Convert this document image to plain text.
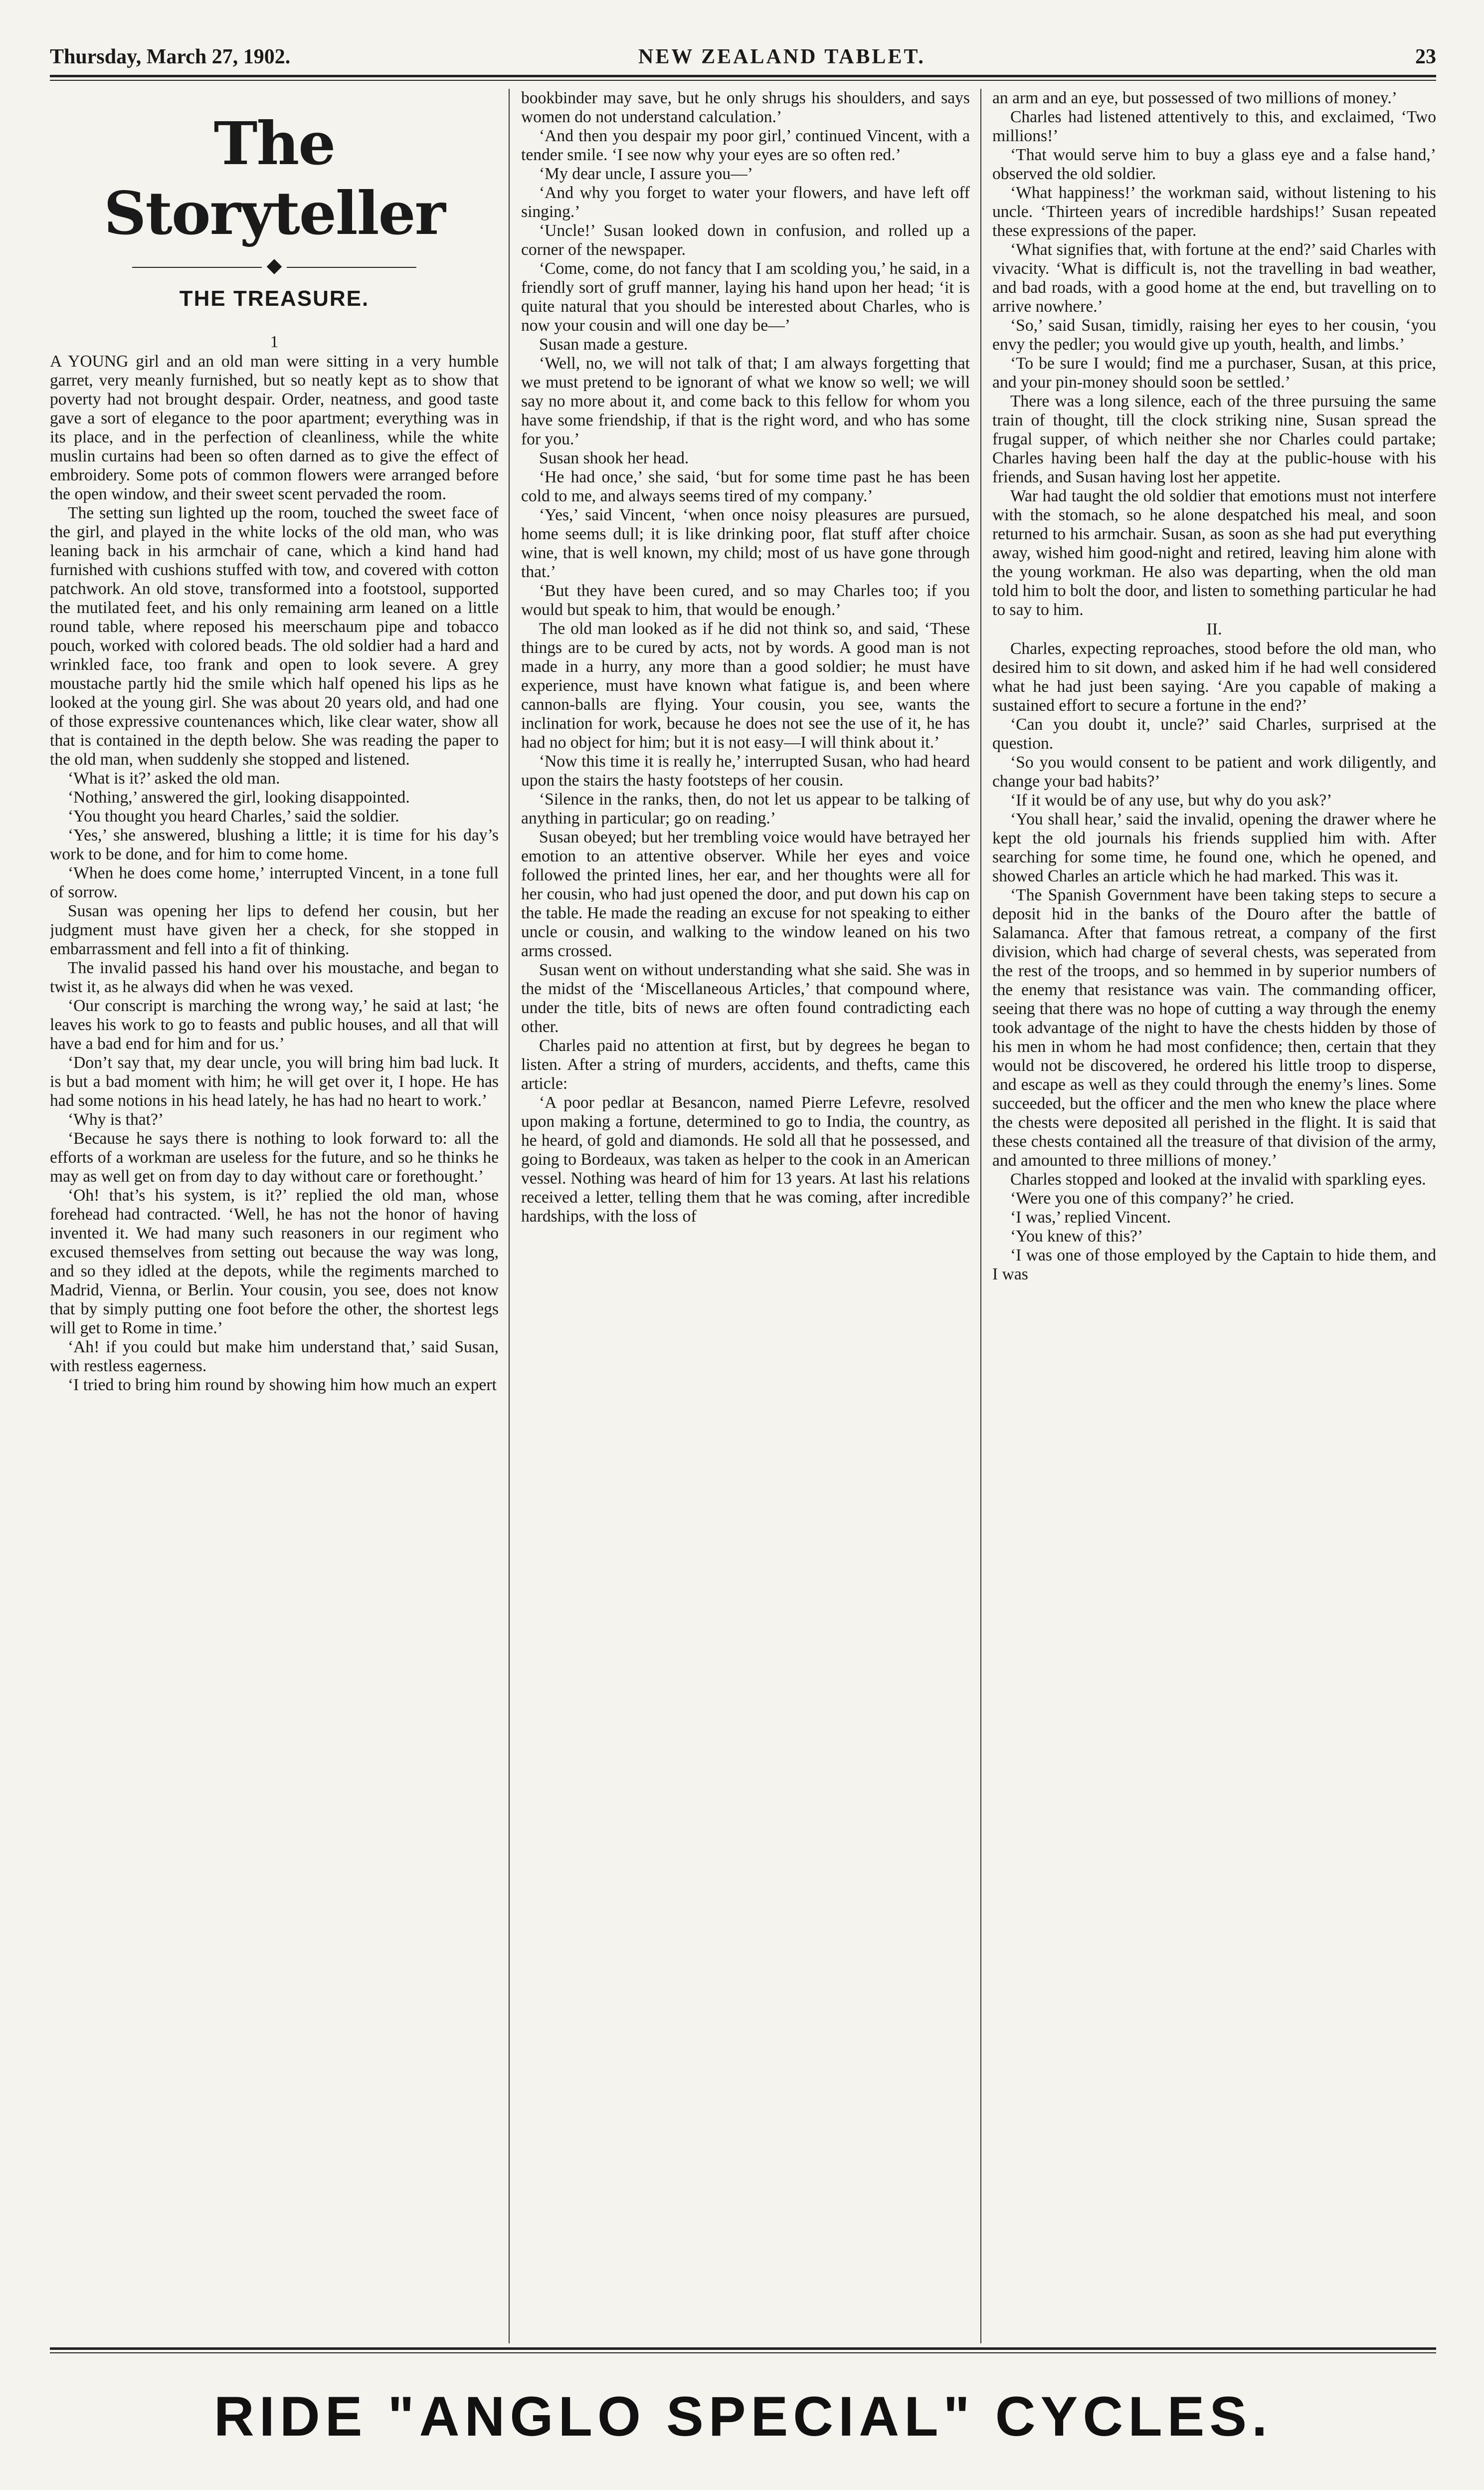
Thursday, March 27, 1902.	NEW ZEALAND TABLET.	23
The Storyteller
◆
THE TREASURE.

1

A YOUNG girl and an old man were sitting in a very humble garret, very meanly furnished, but so neatly kept as to show that poverty had not brought despair. Order, neatness, and good taste gave a sort of elegance to the poor apartment; everything was in its place, and in the perfection of cleanliness, while the white muslin curtains had been so often darned as to give the effect of embroidery. Some pots of common flowers were arranged before the open window, and their sweet scent pervaded the room.

The setting sun lighted up the room, touched the sweet face of the girl, and played in the white locks of the old man, who was leaning back in his armchair of cane, which a kind hand had furnished with cushions stuffed with tow, and covered with cotton patchwork. An old stove, transformed into a footstool, supported the mutilated feet, and his only remaining arm leaned on a little round table, where reposed his meerschaum pipe and tobacco pouch, worked with colored beads. The old soldier had a hard and wrinkled face, too frank and open to look severe. A grey moustache partly hid the smile which half opened his lips as he looked at the young girl. She was about 20 years old, and had one of those expressive countenances which, like clear water, show all that is contained in the depth below. She was reading the paper to the old man, when suddenly she stopped and listened.

‘What is it?’ asked the old man.

‘Nothing,’ answered the girl, looking disappointed.

‘You thought you heard Charles,’ said the soldier.

‘Yes,’ she answered, blushing a little; it is time for his day’s work to be done, and for him to come home.

‘When he does come home,’ interrupted Vincent, in a tone full of sorrow.

Susan was opening her lips to defend her cousin, but her judgment must have given her a check, for she stopped in embarrassment and fell into a fit of thinking.

The invalid passed his hand over his moustache, and began to twist it, as he always did when he was vexed.

‘Our conscript is marching the wrong way,’ he said at last; ‘he leaves his work to go to feasts and public houses, and all that will have a bad end for him and for us.’

‘Don’t say that, my dear uncle, you will bring him bad luck. It is but a bad moment with him; he will get over it, I hope. He has had some notions in his head lately, he has had no heart to work.’

‘Why is that?’

‘Because he says there is nothing to look forward to: all the efforts of a workman are useless for the future, and so he thinks he may as well get on from day to day without care or forethought.’

‘Oh! that’s his system, is it?’ replied the old man, whose forehead had contracted. ‘Well, he has not the honor of having invented it. We had many such reasoners in our regiment who excused themselves from setting out because the way was long, and so they idled at the depots, while the regiments marched to Madrid, Vienna, or Berlin. Your cousin, you see, does not know that by simply putting one foot before the other, the shortest legs will get to Rome in time.’

‘Ah! if you could but make him understand that,’ said Susan, with restless eagerness.

‘I tried to bring him round by showing him how much an expert

bookbinder may save, but he only shrugs his shoulders, and says women do not understand calculation.’

‘And then you despair my poor girl,’ continued Vincent, with a tender smile. ‘I see now why your eyes are so often red.’

‘My dear uncle, I assure you—’

‘And why you forget to water your flowers, and have left off singing.’

‘Uncle!’ Susan looked down in confusion, and rolled up a corner of the newspaper.

‘Come, come, do not fancy that I am scolding you,’ he said, in a friendly sort of gruff manner, laying his hand upon her head; ‘it is quite natural that you should be interested about Charles, who is now your cousin and will one day be—’

Susan made a gesture.

‘Well, no, we will not talk of that; I am always forgetting that we must pretend to be ignorant of what we know so well; we will say no more about it, and come back to this fellow for whom you have some friendship, if that is the right word, and who has some for you.’

Susan shook her head.

‘He had once,’ she said, ‘but for some time past he has been cold to me, and always seems tired of my company.’

‘Yes,’ said Vincent, ‘when once noisy pleasures are pursued, home seems dull; it is like drinking poor, flat stuff after choice wine, that is well known, my child; most of us have gone through that.’

‘But they have been cured, and so may Charles too; if you would but speak to him, that would be enough.’

The old man looked as if he did not think so, and said, ‘These things are to be cured by acts, not by words. A good man is not made in a hurry, any more than a good soldier; he must have experience, must have known what fatigue is, and been where cannon-balls are flying. Your cousin, you see, wants the inclination for work, because he does not see the use of it, he has had no object for him; but it is not easy—I will think about it.’

‘Now this time it is really he,’ interrupted Susan, who had heard upon the stairs the hasty footsteps of her cousin.

‘Silence in the ranks, then, do not let us appear to be talking of anything in particular; go on reading.’

Susan obeyed; but her trembling voice would have betrayed her emotion to an attentive observer. While her eyes and voice followed the printed lines, her ear, and her thoughts were all for her cousin, who had just opened the door, and put down his cap on the table. He made the reading an excuse for not speaking to either uncle or cousin, and walking to the window leaned on his two arms crossed.

Susan went on without understanding what she said. She was in the midst of the ‘Miscellaneous Articles,’ that compound where, under the title, bits of news are often found contradicting each other.

Charles paid no attention at first, but by degrees he began to listen. After a string of murders, accidents, and thefts, came this article:

‘A poor pedlar at Besancon, named Pierre Lefevre, resolved upon making a fortune, determined to go to India, the country, as he heard, of gold and diamonds. He sold all that he possessed, and going to Bordeaux, was taken as helper to the cook in an American vessel. Nothing was heard of him for 13 years. At last his relations received a letter, telling them that he was coming, after incredible hardships, with the loss of

an arm and an eye, but possessed of two millions of money.’

Charles had listened attentively to this, and exclaimed, ‘Two millions!’

‘That would serve him to buy a glass eye and a false hand,’ observed the old soldier.

‘What happiness!’ the workman said, without listening to his uncle. ‘Thirteen years of incredible hardships!’ Susan repeated these expressions of the paper.

‘What signifies that, with fortune at the end?’ said Charles with vivacity. ‘What is difficult is, not the travelling in bad weather, and bad roads, with a good home at the end, but travelling on to arrive nowhere.’

‘So,’ said Susan, timidly, raising her eyes to her cousin, ‘you envy the pedler; you would give up youth, health, and limbs.’

‘To be sure I would; find me a purchaser, Susan, at this price, and your pin-money should soon be settled.’

There was a long silence, each of the three pursuing the same train of thought, till the clock striking nine, Susan spread the frugal supper, of which neither she nor Charles could partake; Charles having been half the day at the public-house with his friends, and Susan having lost her appetite.

War had taught the old soldier that emotions must not interfere with the stomach, so he alone despatched his meal, and soon returned to his armchair. Susan, as soon as she had put everything away, wished him good-night and retired, leaving him alone with the young workman. He also was departing, when the old man told him to bolt the door, and listen to something particular he had to say to him.

II.

Charles, expecting reproaches, stood before the old man, who desired him to sit down, and asked him if he had well considered what he had just been saying. ‘Are you capable of making a sustained effort to secure a fortune in the end?’

‘Can you doubt it, uncle?’ said Charles, surprised at the question.

‘So you would consent to be patient and work diligently, and change your bad habits?’

‘If it would be of any use, but why do you ask?’

‘You shall hear,’ said the invalid, opening the drawer where he kept the old journals his friends supplied him with. After searching for some time, he found one, which he opened, and showed Charles an article which he had marked. This was it.

‘The Spanish Government have been taking steps to secure a deposit hid in the banks of the Douro after the battle of Salamanca. After that famous retreat, a company of the first division, which had charge of several chests, was seperated from the rest of the troops, and so hemmed in by superior numbers of the enemy that resistance was vain. The commanding officer, seeing that there was no hope of cutting a way through the enemy took advantage of the night to have the chests hidden by those of his men in whom he had most confidence; then, certain that they would not be discovered, he ordered his little troop to disperse, and escape as well as they could through the enemy’s lines. Some succeeded, but the officer and the men who knew the place where the chests were deposited all perished in the flight. It is said that these chests contained all the treasure of that division of the army, and amounted to three millions of money.’

Charles stopped and looked at the invalid with sparkling eyes.

‘Were you one of this company?’ he cried.

‘I was,’ replied Vincent.

‘You knew of this?’

‘I was one of those employed by the Captain to hide them, and I was

RIDE "ANGLO SPECIAL" CYCLES.
